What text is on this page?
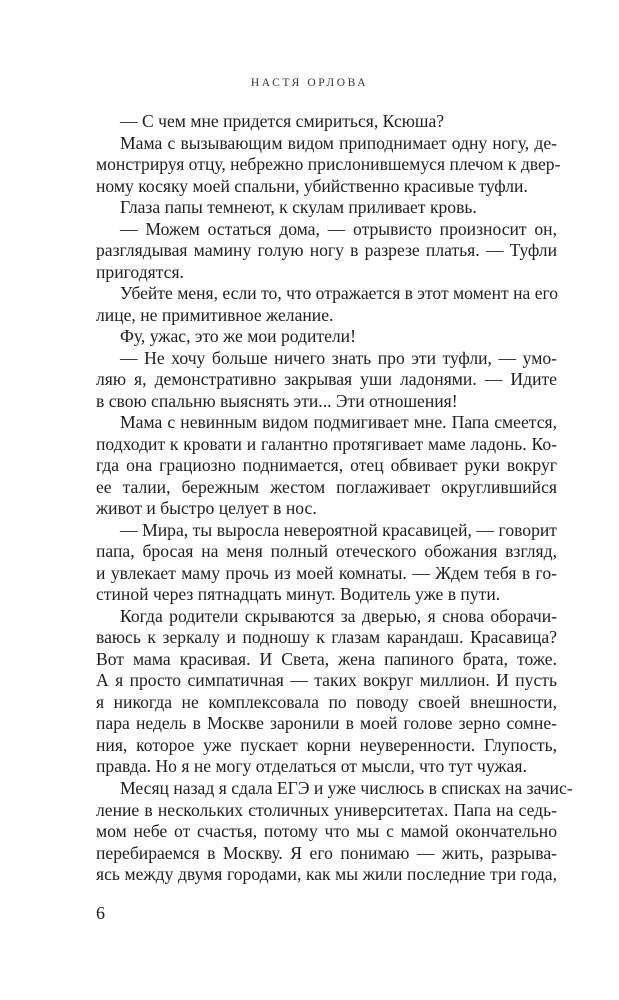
НАСТЯ ОРЛОВА
— С чем мне придется смириться, Ксюша?
Мама с вызывающим видом приподнимает одну ногу, де-
монстрируя отцу, небрежно прислонившемуся плечом к двер-
ному косяку моей спальни, убийственно красивые туфли.
Глаза папы темнеют, к скулам приливает кровь.
— Можем остаться дома, — отрывисто произносит он,
разглядывая мамину голую ногу в разрезе платья. — Туфли
пригодятся.
Убейте меня, если то, что отражается в этот момент на его
лице, не примитивное желание.
Фу, ужас, это же мои родители!
— Не хочу больше ничего знать про эти туфли, — умо-
ляю я, демонстративно закрывая уши ладонями. — Идите
в свою спальню выяснять эти... Эти отношения!
Мама с невинным видом подмигивает мне. Папа смеется,
подходит к кровати и галантно протягивает маме ладонь. Ко-
гда она грациозно поднимается, отец обвивает руки вокруг
ее талии, бережным жестом поглаживает округлившийся
живот и быстро целует в нос.
— Мира, ты выросла невероятной красавицей, — говорит
папа, бросая на меня полный отеческого обожания взгляд,
и увлекает маму прочь из моей комнаты. — Ждем тебя в го-
стиной через пятнадцать минут. Водитель уже в пути.
Когда родители скрываются за дверью, я снова оборачи-
ваюсь к зеркалу и подношу к глазам карандаш. Красавица?
Вот мама красивая. И Света, жена папиного брата, тоже.
А я просто симпатичная — таких вокруг миллион. И пусть
я никогда не комплексовала по поводу своей внешности,
пара недель в Москве заронили в моей голове зерно сомне-
ния, которое уже пускает корни неуверенности. Глупость,
правда. Но я не могу отделаться от мысли, что тут чужая.
Месяц назад я сдала ЕГЭ и уже числюсь в списках на зачис-
ление в нескольких столичных университетах. Папа на седь-
мом небе от счастья, потому что мы с мамой окончательно
перебираемся в Москву. Я его понимаю — жить, разрыва-
ясь между двумя городами, как мы жили последние три года,
6
